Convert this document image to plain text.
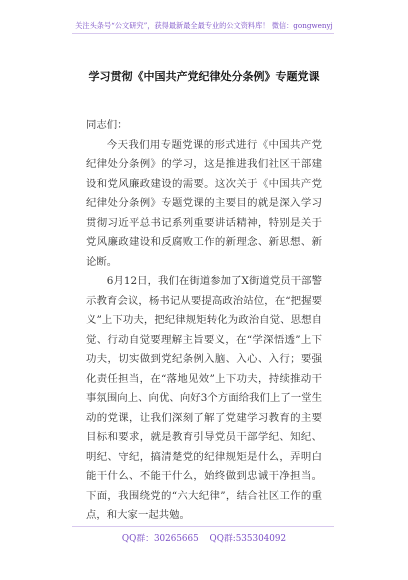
关注头条号“公文研究”，获得最新最全最专业的公文资料库！ 微信：gongwenyj
学习贯彻《中国共产党纪律处分条例》专题党课

同志们：

今天我们用专题党课的形式进行《中国共产党纪律处分条例》的学习，这是推进我们社区干部建设和党风廉政建设的需要。这次关于《中国共产党纪律处分条例》专题党课的主要目的就是深入学习贯彻习近平总书记系列重要讲话精神，特别是关于党风廉政建设和反腐败工作的新理念、新思想、新论断。

6月12日，我们在街道参加了X街道党员干部警示教育会议，杨书记从要提高政治站位，在“把握要义”上下功夫，把纪律规矩转化为政治自觉、思想自觉、行动自觉要理解主旨要义，在“学深悟透”上下功夫，切实做到党纪条例入脑、入心、入行；要强化责任担当，在“落地见效”上下功夫，持续推动干事氛围向上、向优、向好3个方面给我们上了一堂生动的党课，让我们深刻了解了党建学习教育的主要目标和要求，就是教育引导党员干部学纪、知纪、明纪、守纪，搞清楚党的纪律规矩是什么，弄明白能干什么、不能干什么，始终做到忠诚干净担当。下面，我围绕党的“六大纪律”，结合社区工作的重点，和大家一起共勉。

QQ群：30265665 QQ群:535304092
